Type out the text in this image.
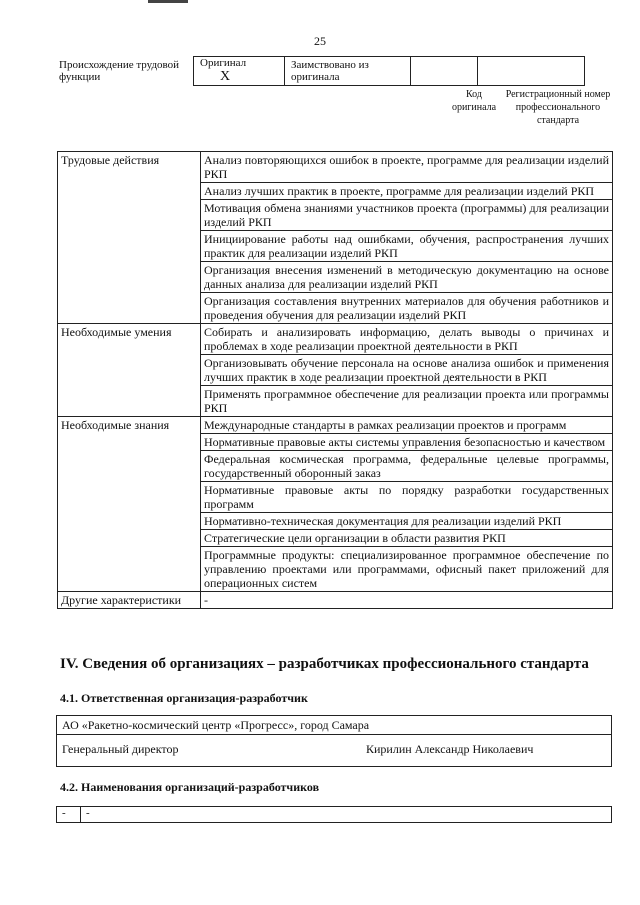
25
Происхождение трудовой функции
Оригинал X	Заимствовано из оригинала		
Код оригинала
Регистрационный номер профессионального стандарта
Трудовые действия	Анализ повторяющихся ошибок в проекте, программе для реализации изделий РКП
	Анализ лучших практик в проекте, программе для реализации изделий РКП
	Мотивация обмена знаниями участников проекта (программы) для реализации изделий РКП
	Инициирование работы над ошибками, обучения, распространения лучших практик для реализации изделий РКП
	Организация внесения изменений в методическую документацию на основе данных анализа для реализации изделий РКП
	Организация составления внутренних материалов для обучения работников и проведения обучения для реализации изделий РКП
Необходимые умения	Собирать и анализировать информацию, делать выводы о причинах и проблемах в ходе реализации проектной деятельности в РКП
	Организовывать обучение персонала на основе анализа ошибок и применения лучших практик в ходе реализации проектной деятельности в РКП
	Применять программное обеспечение для реализации проекта или программы РКП
Необходимые знания	Международные стандарты в рамках реализации проектов и программ
	Нормативные правовые акты системы управления безопасностью и качеством
	Федеральная космическая программа, федеральные целевые программы, государственный оборонный заказ
	Нормативные правовые акты по порядку разработки государственных программ
	Нормативно-техническая документация для реализации изделий РКП
	Стратегические цели организации в области развития РКП
	Программные продукты: специализированное программное обеспечение по управлению проектами или программами, офисный пакет приложений для операционных систем
Другие характеристики	-
IV. Сведения об организациях – разработчиках профессионального стандарта
4.1. Ответственная организация-разработчик
АО «Ракетно-космический центр «Прогресс», город Самара
Генеральный директор	Кирилин Александр Николаевич
4.2. Наименования организаций-разработчиков
- -
